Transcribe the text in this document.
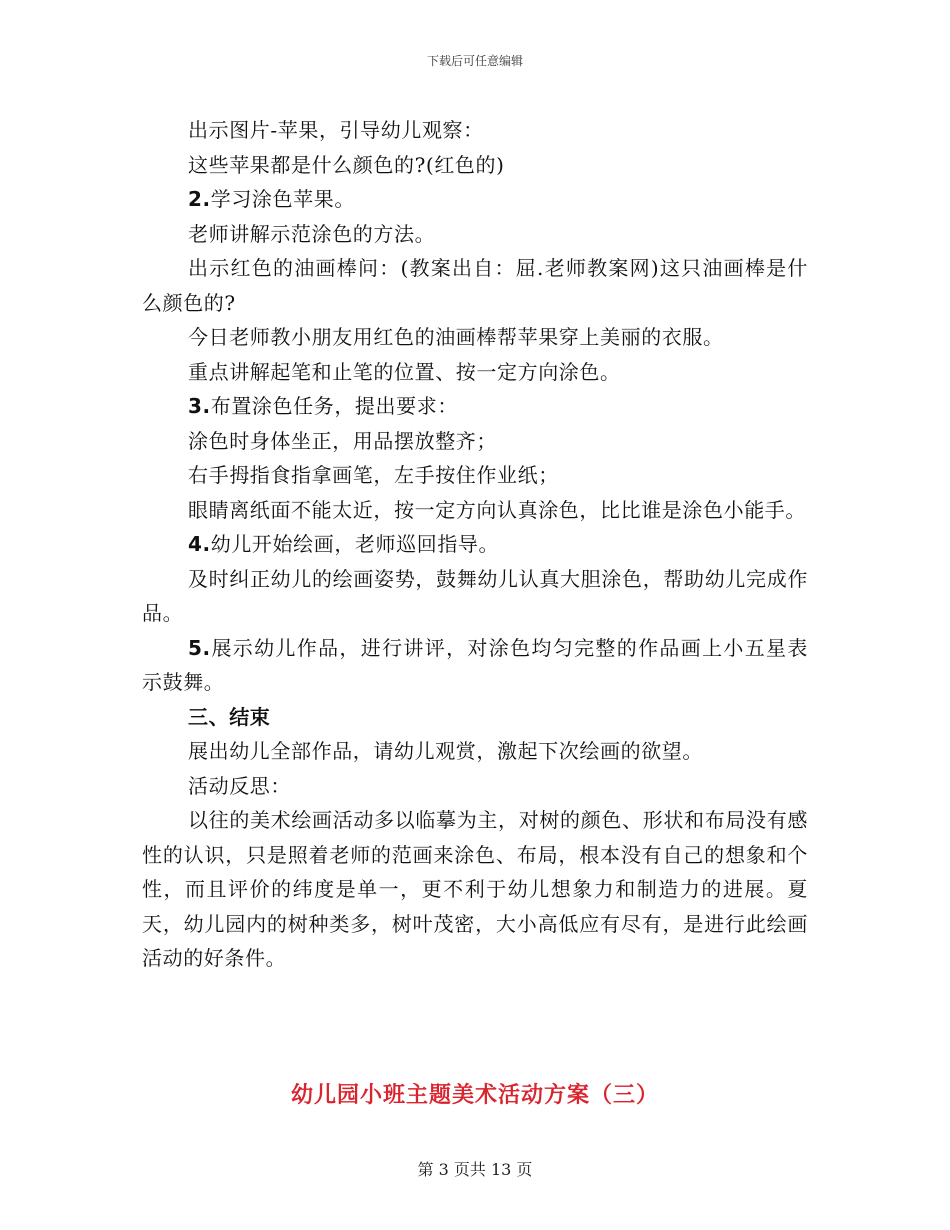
下载后可任意编辑

出示图片-苹果，引导幼儿观察：

这些苹果都是什么颜色的?(红色的)

2.学习涂色苹果。

老师讲解示范涂色的方法。

出示红色的油画棒问：(教案出自：屈.老师教案网)这只油画棒是什么颜色的?

今日老师教小朋友用红色的油画棒帮苹果穿上美丽的衣服。

重点讲解起笔和止笔的位置、按一定方向涂色。

3.布置涂色任务，提出要求：

涂色时身体坐正，用品摆放整齐；

右手拇指食指拿画笔，左手按住作业纸；

眼睛离纸面不能太近，按一定方向认真涂色，比比谁是涂色小能手。

4.幼儿开始绘画，老师巡回指导。

及时纠正幼儿的绘画姿势，鼓舞幼儿认真大胆涂色，帮助幼儿完成作品。

5.展示幼儿作品，进行讲评，对涂色均匀完整的作品画上小五星表示鼓舞。

三、结束

展出幼儿全部作品，请幼儿观赏，激起下次绘画的欲望。

活动反思：

以往的美术绘画活动多以临摹为主，对树的颜色、形状和布局没有感性的认识，只是照着老师的范画来涂色、布局，根本没有自己的想象和个性，而且评价的纬度是单一，更不利于幼儿想象力和制造力的进展。夏天，幼儿园内的树种类多，树叶茂密，大小高低应有尽有，是进行此绘画活动的好条件。

幼儿园小班主题美术活动方案（三）
第 3 页共 13 页
